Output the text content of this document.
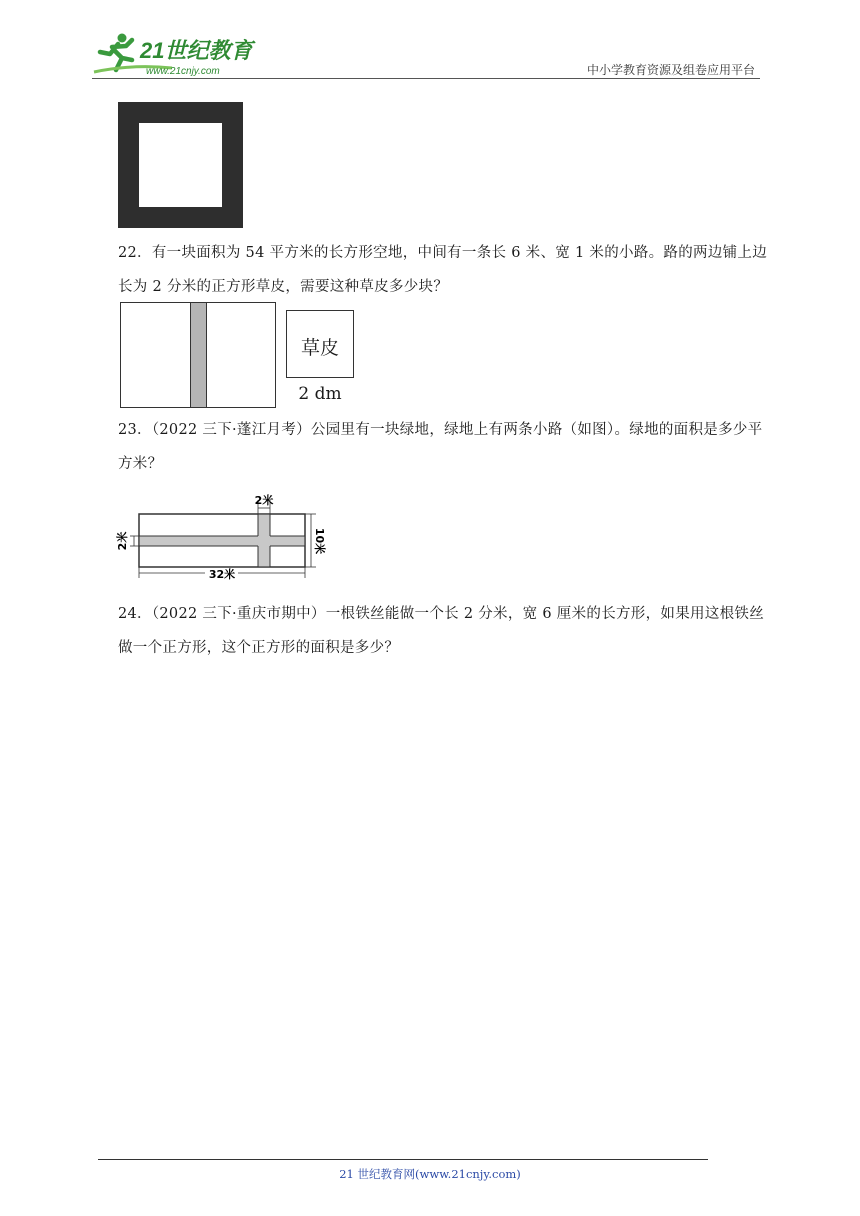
21世纪教育
www.21cnjy.com	中小学教育资源及组卷应用平台
22．有一块面积为 54 平方米的长方形空地，中间有一条长 6 米、宽 1 米的小路。路的两边铺上边长为 2 分米的正方形草皮，需要这种草皮多少块？
草皮
2 dm
23．（2022 三下·蓬江月考）公园里有一块绿地，绿地上有两条小路（如图）。绿地的面积是多少平方米？
2米
2米	10米
32米
24．（2022 三下·重庆市期中）一根铁丝能做一个长 2 分米，宽 6 厘米的长方形，如果用这根铁丝做一个正方形，这个正方形的面积是多少？
21 世纪教育网(www.21cnjy.com)
